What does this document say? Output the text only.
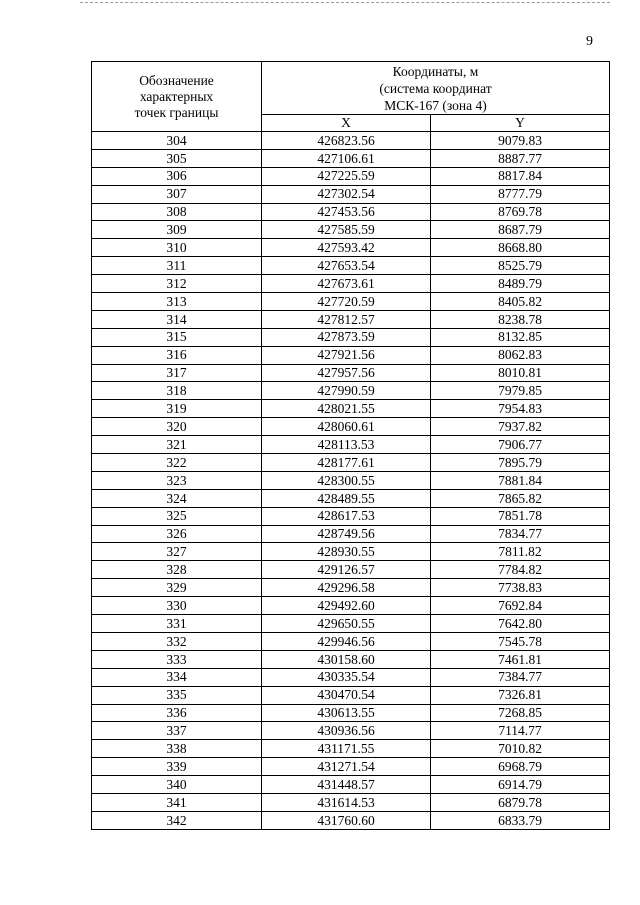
9
Обозначение
характерных
точек границы	Координаты, м
(система координат
МСК-167 (зона 4)	
	X	Y
304	426823.56	9079.83
305	427106.61	8887.77
306	427225.59	8817.84
307	427302.54	8777.79
308	427453.56	8769.78
309	427585.59	8687.79
310	427593.42	8668.80
311	427653.54	8525.79
312	427673.61	8489.79
313	427720.59	8405.82
314	427812.57	8238.78
315	427873.59	8132.85
316	427921.56	8062.83
317	427957.56	8010.81
318	427990.59	7979.85
319	428021.55	7954.83
320	428060.61	7937.82
321	428113.53	7906.77
322	428177.61	7895.79
323	428300.55	7881.84
324	428489.55	7865.82
325	428617.53	7851.78
326	428749.56	7834.77
327	428930.55	7811.82
328	429126.57	7784.82
329	429296.58	7738.83
330	429492.60	7692.84
331	429650.55	7642.80
332	429946.56	7545.78
333	430158.60	7461.81
334	430335.54	7384.77
335	430470.54	7326.81
336	430613.55	7268.85
337	430936.56	7114.77
338	431171.55	7010.82
339	431271.54	6968.79
340	431448.57	6914.79
341	431614.53	6879.78
342	431760.60	6833.79
